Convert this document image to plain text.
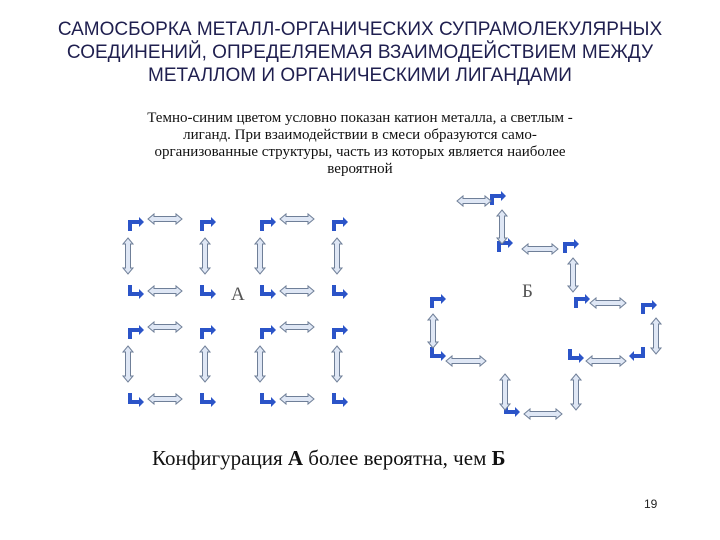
САМОСБОРКА МЕТАЛЛ-ОРГАНИЧЕСКИХ СУПРАМОЛЕКУЛЯРНЫХ
СОЕДИНЕНИЙ, ОПРЕДЕЛЯЕМАЯ ВЗАИМОДЕЙСТВИЕМ МЕЖДУ
МЕТАЛЛОМ И ОРГАНИЧЕСКИМИ ЛИГАНДАМИ
Темно-синим цветом условно показан катион металла, а светлым -
лиганд. При взаимодействии в смеси образуются само-
организованные структуры, часть из которых является наиболее
вероятной
А	Б
Конфигурация А более вероятна, чем Б
19
